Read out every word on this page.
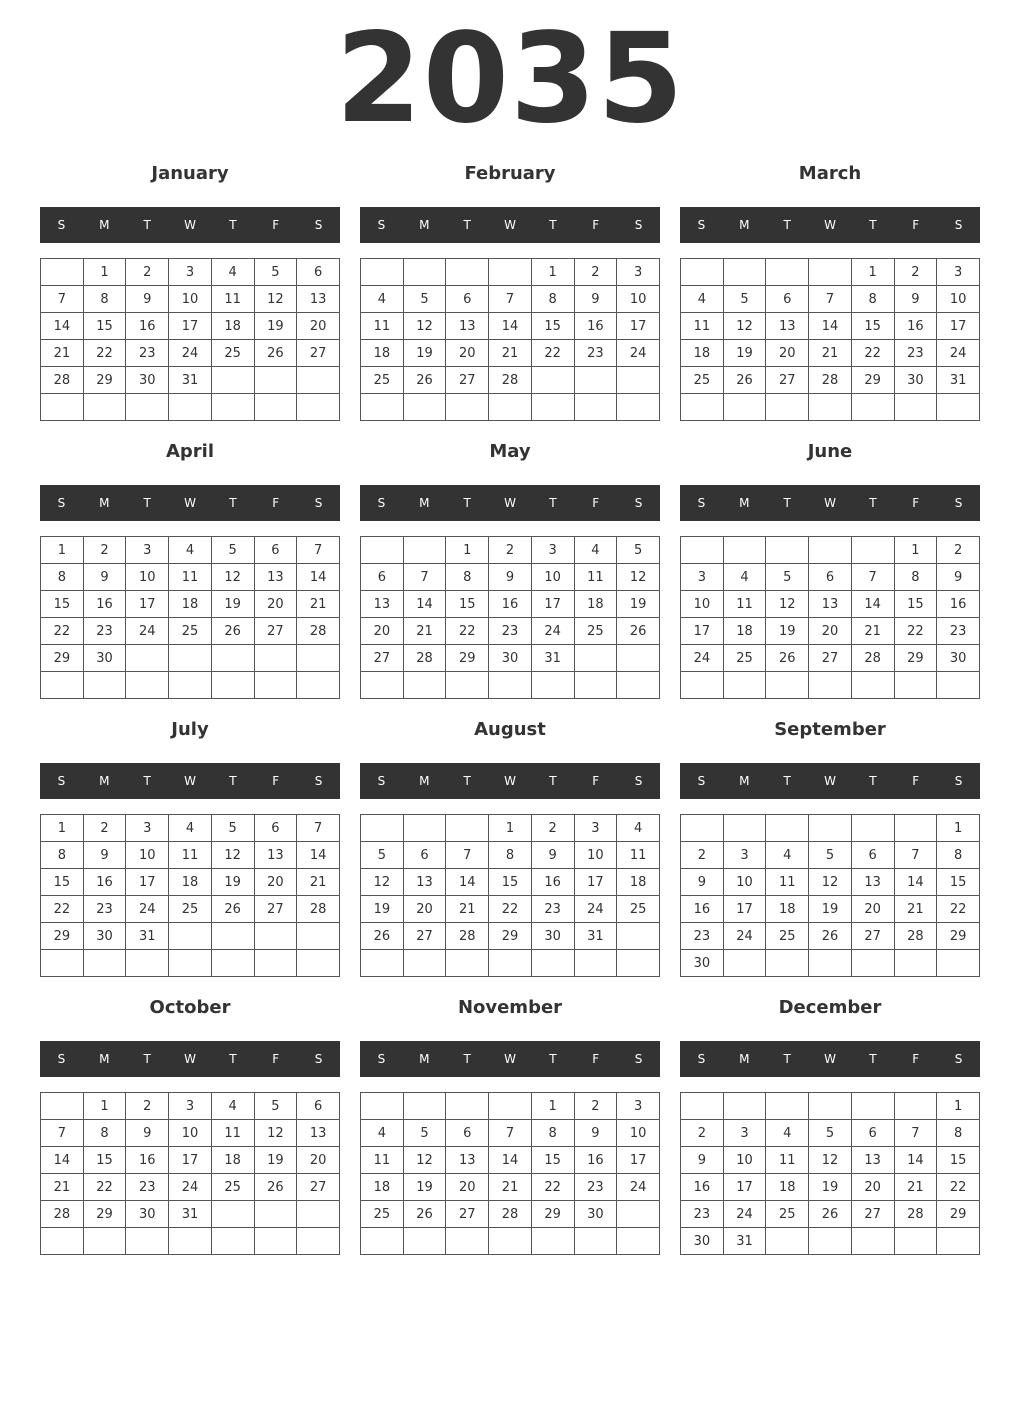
2035
January
S	M	T	W	T	F	S
	1	2	3	4	5	6
7	8	9	10	11	12	13
14	15	16	17	18	19	20
21	22	23	24	25	26	27
28	29	30	31			

February
S	M	T	W	T	F	S
				1	2	3
4	5	6	7	8	9	10
11	12	13	14	15	16	17
18	19	20	21	22	23	24
25	26	27	28			

March
S	M	T	W	T	F	S
				1	2	3
4	5	6	7	8	9	10
11	12	13	14	15	16	17
18	19	20	21	22	23	24
25	26	27	28	29	30	31

April
S	M	T	W	T	F	S
1	2	3	4	5	6	7
8	9	10	11	12	13	14
15	16	17	18	19	20	21
22	23	24	25	26	27	28
29	30					

May
S	M	T	W	T	F	S
		1	2	3	4	5
6	7	8	9	10	11	12
13	14	15	16	17	18	19
20	21	22	23	24	25	26
27	28	29	30	31		

June
S	M	T	W	T	F	S
					1	2
3	4	5	6	7	8	9
10	11	12	13	14	15	16
17	18	19	20	21	22	23
24	25	26	27	28	29	30

July
S	M	T	W	T	F	S
1	2	3	4	5	6	7
8	9	10	11	12	13	14
15	16	17	18	19	20	21
22	23	24	25	26	27	28
29	30	31				

August
S	M	T	W	T	F	S
			1	2	3	4
5	6	7	8	9	10	11
12	13	14	15	16	17	18
19	20	21	22	23	24	25
26	27	28	29	30	31	

September
S	M	T	W	T	F	S
						1
2	3	4	5	6	7	8
9	10	11	12	13	14	15
16	17	18	19	20	21	22
23	24	25	26	27	28	29
30						
October
S	M	T	W	T	F	S
	1	2	3	4	5	6
7	8	9	10	11	12	13
14	15	16	17	18	19	20
21	22	23	24	25	26	27
28	29	30	31			

November
S	M	T	W	T	F	S
				1	2	3
4	5	6	7	8	9	10
11	12	13	14	15	16	17
18	19	20	21	22	23	24
25	26	27	28	29	30	

December
S	M	T	W	T	F	S
						1
2	3	4	5	6	7	8
9	10	11	12	13	14	15
16	17	18	19	20	21	22
23	24	25	26	27	28	29
30	31					
